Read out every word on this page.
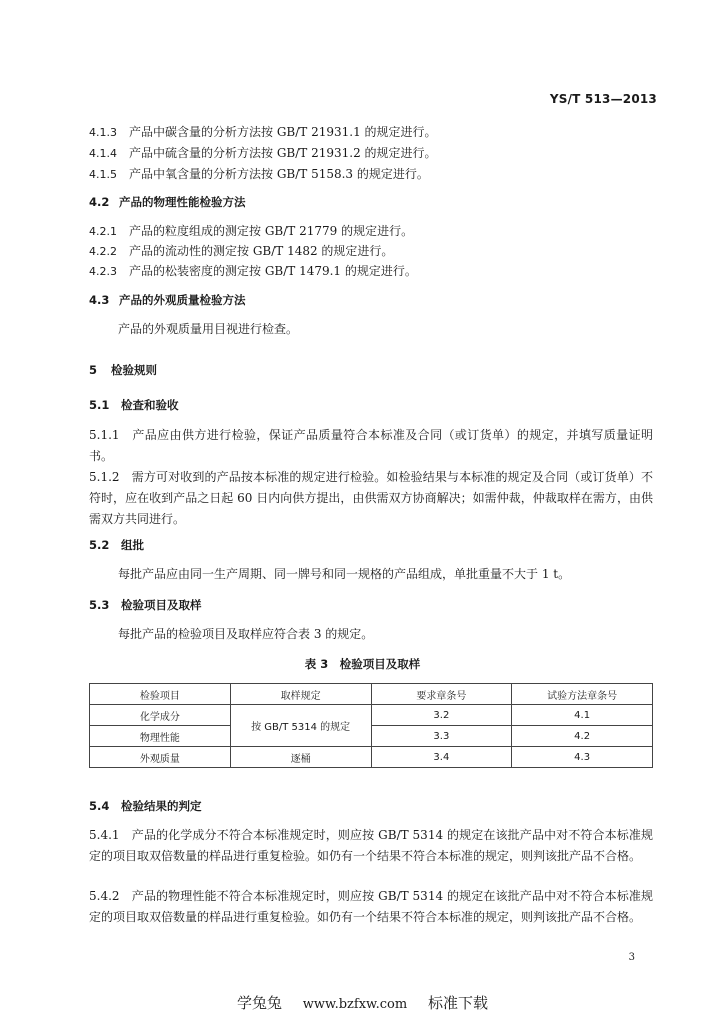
YS/T 513—2013
4.1.3 产品中碳含量的分析方法按 GB/T 21931.1 的规定进行。
4.1.4 产品中硫含量的分析方法按 GB/T 21931.2 的规定进行。
4.1.5 产品中氧含量的分析方法按 GB/T 5158.3 的规定进行。
4.2 产品的物理性能检验方法
4.2.1 产品的粒度组成的测定按 GB/T 21779 的规定进行。
4.2.2 产品的流动性的测定按 GB/T 1482 的规定进行。
4.2.3 产品的松装密度的测定按 GB/T 1479.1 的规定进行。
4.3 产品的外观质量检验方法
产品的外观质量用目视进行检查。
5 检验规则
5.1 检查和验收
5.1.1　产品应由供方进行检验，保证产品质量符合本标准及合同（或订货单）的规定，并填写质量证明书。
5.1.2　需方可对收到的产品按本标准的规定进行检验。如检验结果与本标准的规定及合同（或订货单）不符时，应在收到产品之日起 60 日内向供方提出，由供需双方协商解决；如需仲裁，仲裁取样在需方，由供需双方共同进行。
5.2 组批
每批产品应由同一生产周期、同一牌号和同一规格的产品组成，单批重量不大于 1 t。
5.3 检验项目及取样
每批产品的检验项目及取样应符合表 3 的规定。
表 3　检验项目及取样
检验项目	取样规定	要求章条号	试验方法章条号
化学成分	按 GB/T 5314 的规定	3.2	4.1
物理性能		3.3	4.2
外观质量	逐桶	3.4	4.3
5.4 检验结果的判定
5.4.1　产品的化学成分不符合本标准规定时，则应按 GB/T 5314 的规定在该批产品中对不符合本标准规定的项目取双倍数量的样品进行重复检验。如仍有一个结果不符合本标准的规定，则判该批产品不合格。
5.4.2　产品的物理性能不符合本标准规定时，则应按 GB/T 5314 的规定在该批产品中对不符合本标准规定的项目取双倍数量的样品进行重复检验。如仍有一个结果不符合本标准的规定，则判该批产品不合格。
3
学兔兔 www.bzfxw.com 标准下载
